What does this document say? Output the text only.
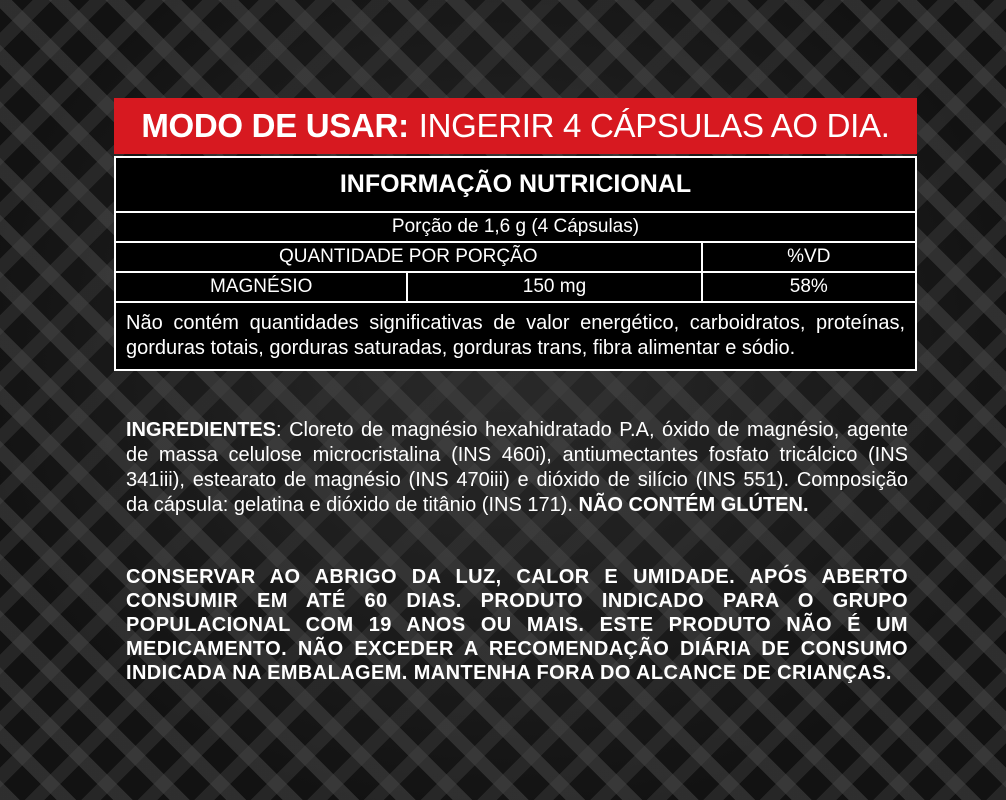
MODO DE USAR: INGERIR 4 CÁPSULAS AO DIA.
INFORMAÇÃO NUTRICIONAL		
Porção de 1,6 g (4 Cápsulas)		
QUANTIDADE POR PORÇÃO		%VD
MAGNÉSIO	150 mg	58%
Não contém quantidades significativas de valor energético, carboidratos, proteínas, gorduras totais, gorduras saturadas, gorduras trans, fibra alimentar e sódio.		
INGREDIENTES: Cloreto de magnésio hexahidratado P.A, óxido de magnésio, agente de massa celulose microcristalina (INS 460i), antiumectantes fosfato tricálcico (INS 341iii), estearato de magnésio (INS 470iii) e dióxido de silício (INS 551). Composição da cápsula: gelatina e dióxido de titânio (INS 171). NÃO CONTÉM GLÚTEN.
CONSERVAR AO ABRIGO DA LUZ, CALOR E UMIDADE. APÓS ABERTO CONSUMIR EM ATÉ 60 DIAS. PRODUTO INDICADO PARA O GRUPO POPULACIONAL COM 19 ANOS OU MAIS. ESTE PRODUTO NÃO É UM MEDICAMENTO. NÃO EXCEDER A RECOMENDAÇÃO DIÁRIA DE CONSUMO INDICADA NA EMBALAGEM. MANTENHA FORA DO ALCANCE DE CRIANÇAS.
